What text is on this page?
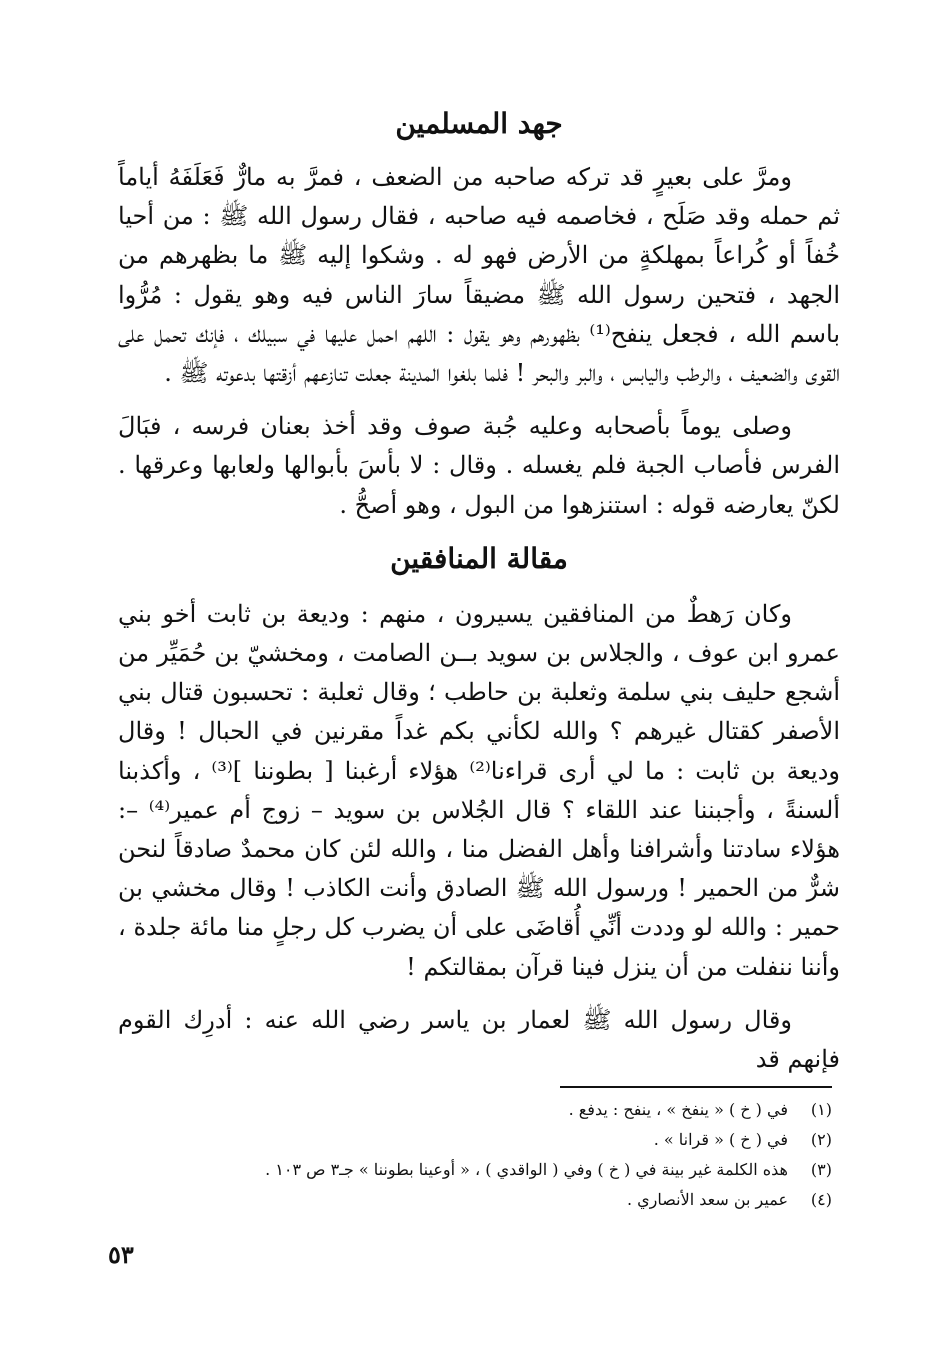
جهد المسلمين

ومرَّ على بعيرٍ قد تركه صاحبه من الضعف ، فمرَّ به مارٌّ فَعَلَفَهُ أياماً ثم حمله وقد صَلَح ، فخاصمه فيه صاحبه ، فقال رسول الله ﷺ : من أحيا خُفاً أو كُراعاً بمهلكةٍ من الأرض فهو له . وشكوا إليه ﷺ ما بظهرهم من الجهد ، فتحين رسول الله ﷺ مضيقاً سارَ الناس فيه وهو يقول : مُرُّوا باسم الله ، فجعل ينفح⁽¹⁾ بظهورهم وهو يقول : اللهم احمل عليها في سبيلك ، فإنك تحمل على القوى والضعيف ، والرطب واليابس ، والبر والبحر ! فلما بلغوا المدينة جعلت تنازعهم أزقتها بدعوته ﷺ .

وصلى يوماً بأصحابه وعليه جُبة صوف وقد أخذ بعنان فرسه ، فبَالَ الفرس فأصاب الجبة فلم يغسله . وقال : لا بأسَ بأبوالها ولعابها وعرقها . لكنّ يعارضه قوله : استنزهوا من البول ، وهو أصحُّ .

مقالة المنافقين

وكان رَهطٌ من المنافقين يسيرون ، منهم : وديعة بن ثابت أخو بني عمرو ابن عوف ، والجلاس بن سويد بــن الصامت ، ومخشيّ بن حُمَيِّر من أشجع حليف بني سلمة وثعلبة بن حاطب ؛ وقال ثعلبة : تحسبون قتال بني الأصفر كقتال غيرهم ؟ والله لكأني بكم غداً مقرنين في الحبال ! وقال وديعة بن ثابت : ما لي أرى قراءنا⁽²⁾ هؤلاء أرغبنا [ بطوننا ]⁽³⁾ ، وأكذبنا ألسنةً ، وأجبننا عند اللقاء ؟ قال الجُلاس بن سويد – زوج أم عمير⁽⁴⁾ –: هؤلاء سادتنا وأشرافنا وأهل الفضل منا ، والله لئن كان محمدٌ صادقاً لنحن شرٌّ من الحمير ! ورسول الله ﷺ الصادق وأنت الكاذب ! وقال مخشي بن حمير : والله لو وددت أنِّي أُقاضَى على أن يضرب كل رجلٍ منا مائة جلدة ، وأننا ننفلت من أن ينزل فينا قرآن بمقالتكم !

وقال رسول الله ﷺ لعمار بن ياسر رضي الله عنه : أدرِك القوم فإنهم قد

(١)
في ( خ ) « ينفخ » ، ينفح : يدفع .
(٢)
في ( خ ) « قرانا » .
(٣)
هذه الكلمة غير بينة في ( خ ) وفي ( الواقدي ) ، « أوعينا بطوننا » جـ٣ ص ١٠٣ .
(٤)
عمير بن سعد الأنصاري .
٥٣
